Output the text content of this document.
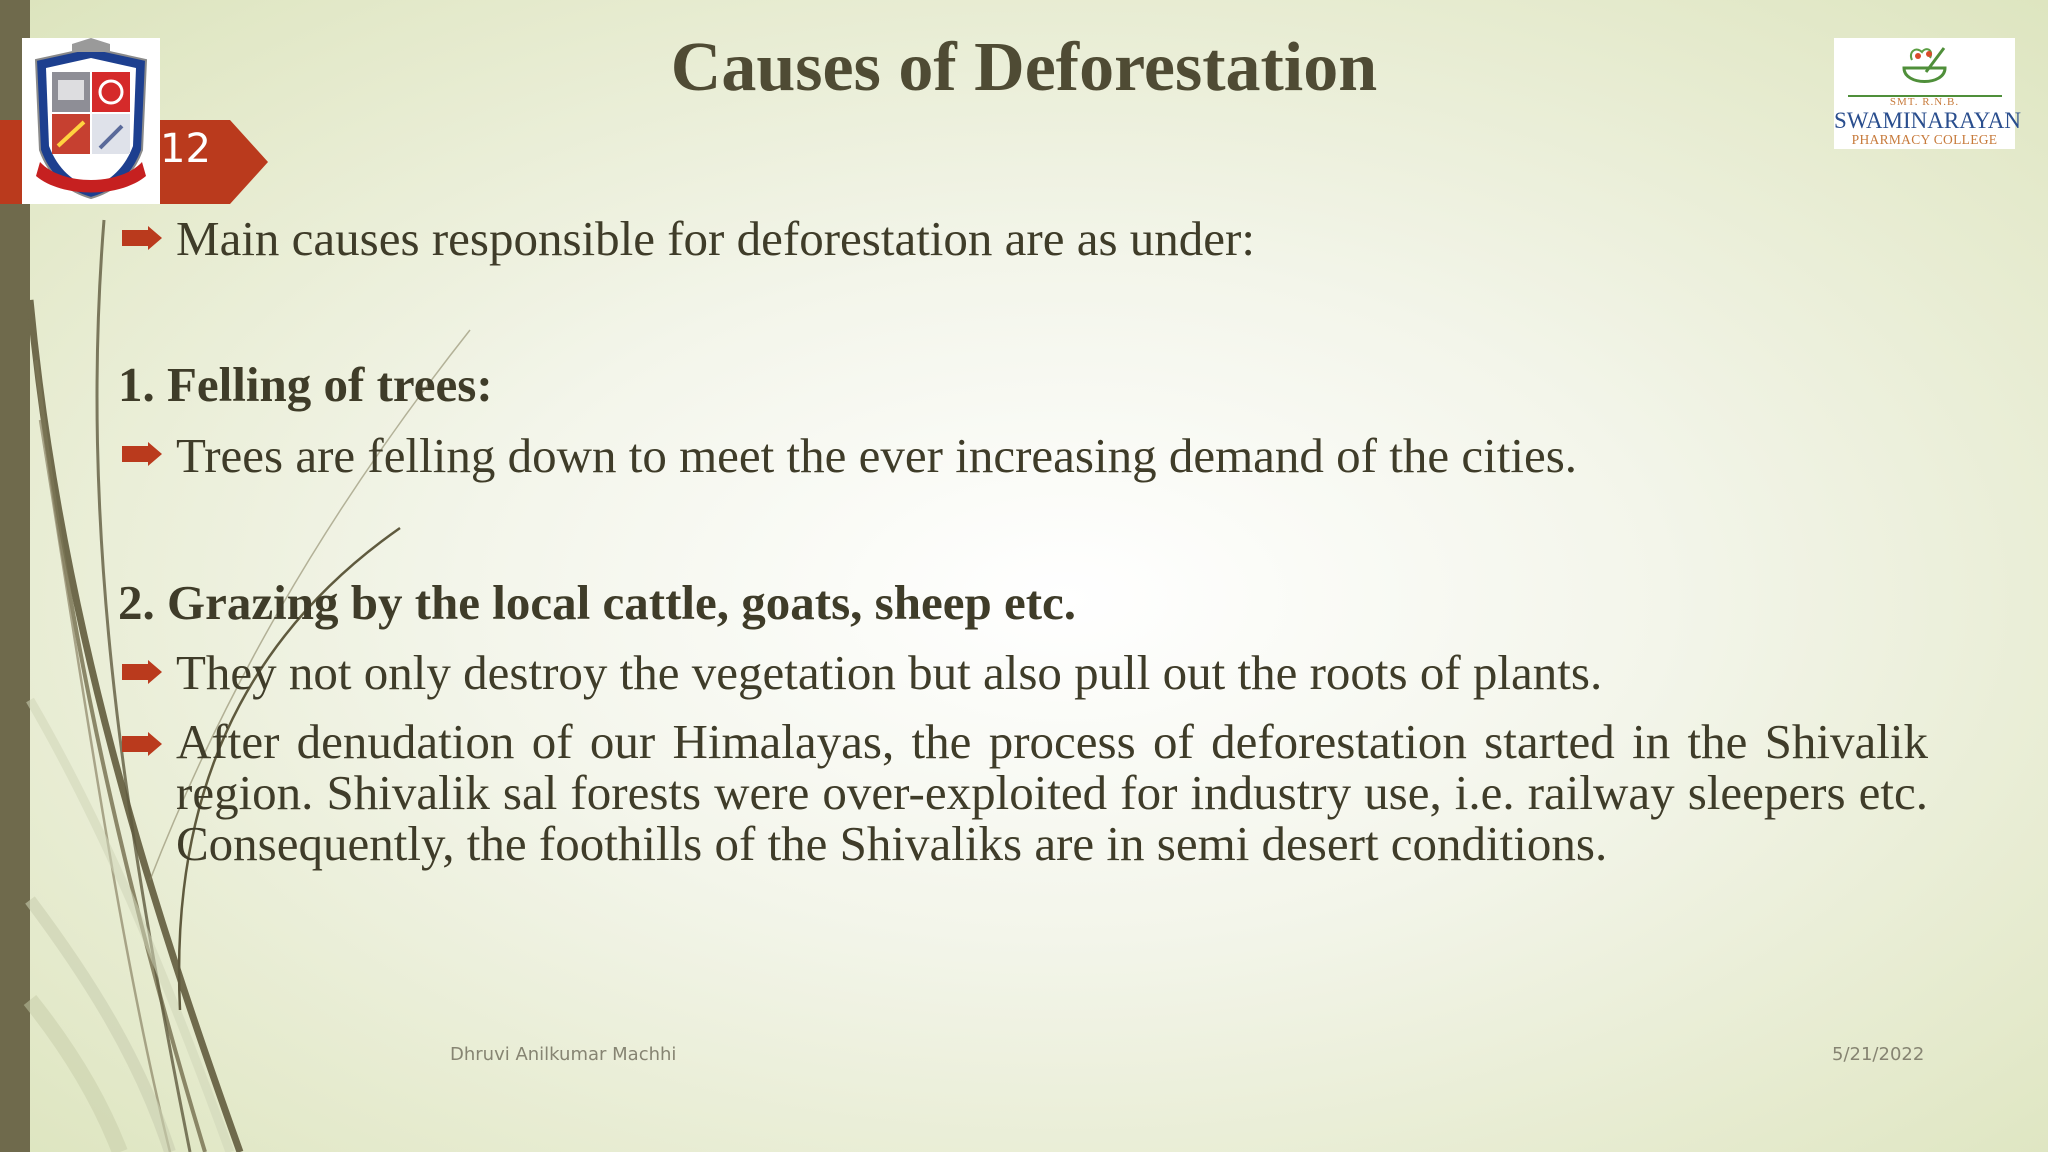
Causes of Deforestation
12
SMT. R.N.B.
SWAMINARAYAN
PHARMACY COLLEGE
Main causes responsible for deforestation are as under:
1. Felling of trees:
Trees are felling down to meet the ever increasing demand of the cities.
2. Grazing by the local cattle, goats, sheep etc.
They not only destroy the vegetation but also pull out the roots of plants.
After denudation of our Himalayas, the process of deforestation started in the Shivalik region. Shivalik sal forests were over-exploited for industry use, i.e. railway sleepers etc. Consequently, the foothills of the Shivaliks are in semi desert conditions.
Dhruvi Anilkumar Machhi	5/21/2022
